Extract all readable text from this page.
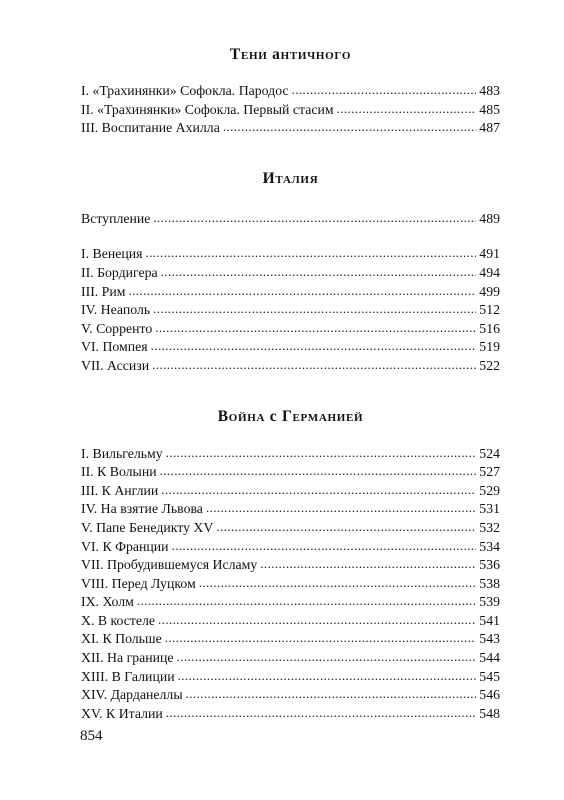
Тени античного
I. «Трахинянки» Софокла. Пародос .....	483
II. «Трахинянки» Софокла. Первый стасим .....	485
III. Воспитание Ахилла .....	487
Италия
Вступление .....	489
I. Венеция .....	491
II. Бордигера .....	494
III. Рим .....	499
IV. Неаполь .....	512
V. Сорренто .....	516
VI. Помпея .....	519
VII. Ассизи .....	522
Война с Германией
I. Вильгельму .....	524
II. К Волыни .....	527
III. К Англии .....	529
IV. На взятие Львова .....	531
V. Папе Бенедикту XV .....	532
VI. К Франции .....	534
VII. Пробудившемуся Исламу .....	536
VIII. Перед Луцком .....	538
IX. Холм .....	539
X. В костеле .....	541
XI. К Польше .....	543
XII. На границе .....	544
XIII. В Галиции .....	545
XIV. Дарданеллы .....	546
XV. К Италии .....	548
854
